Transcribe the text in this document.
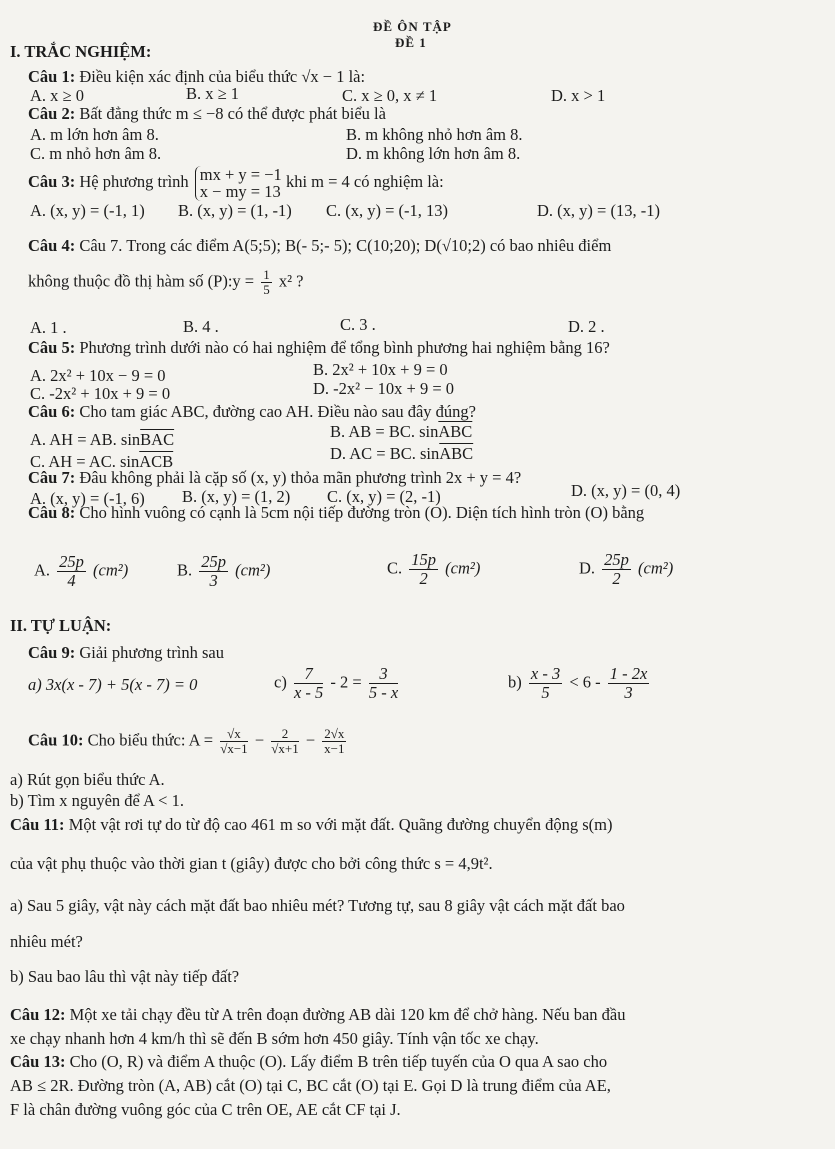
ĐỀ ÔN TẬP
ĐỀ 1
I. TRẮC NGHIỆM:
Câu 1: Điều kiện xác định của biểu thức √x − 1 là:
A. x ≥ 0	B. x ≥ 1	C. x ≥ 0, x ≠ 1	D. x > 1
Câu 2: Bất đẳng thức m ≤ −8 có thể được phát biểu là
A. m lớn hơn âm 8.	B. m không nhỏ hơn âm 8.
C. m nhỏ hơn âm 8.	D. m không lớn hơn âm 8.
Câu 3: Hệ phương trình mx + y = −1
x − my = 13
khi m = 4 có nghiệm là:
A. (x, y) = (-1, 1) B. (x, y) = (1, -1) C. (x, y) = (-1, 13)	D. (x, y) = (13, -1)
Câu 4: Câu 7. Trong các điểm A(5;5); B(- 5;- 5); C(10;20); D(√10;2) có bao nhiêu điểm
không thuộc đồ thị hàm số (P):y = $\frac{1}{5} x^2$ ?
A. 1 .	B. 4 .	C. 3 .	D. 2 .
Câu 5: Phương trình dưới nào có hai nghiệm để tổng bình phương hai nghiệm bằng 16?
A. 2x² + 10x − 9 = 0	B. 2x² + 10x + 9 = 0
C. -2x² + 10x + 9 = 0	D. -2x² − 10x + 9 = 0
Câu 6: Cho tam giác ABC, đường cao AH. Điều nào sau đây đúng?
A. AH = AB. $\sin\overline{BAC}$	B. AB = BC. $\sin\overline{ABC}$
C. AH = AC. $\sin\overline{ACB}$	D. AC = BC. $\sin\overline{ABC}$
Câu 7: Đâu không phải là cặp số (x, y) thỏa mãn phương trình 2x + y = 4?
A. (x, y) = (-1, 6) B. (x, y) = (1, 2) C. (x, y) = (2, -1)	D. (x, y) = (0, 4)
Câu 8: Cho hình vuông có cạnh là 5cm nội tiếp đường tròn (O). Diện tích hình tròn (O) bằng
A. $\frac{25p}{4} (cm^2)$	B. $\frac{25p}{3} (cm^2)$	C. $\frac{15p}{2} (cm^2)$	D. $\frac{25p}{2} (cm^2)$
II. TỰ LUẬN:
Câu 9: Giải phương trình sau
a) 3x(x - 7) + 5(x - 7) = 0	$c) \frac{7}{x - 5} - 2 = \frac{3}{5 - x}$	$b) \frac{x - 3}{5} < 6 - \frac{1 - 2x}{3}$
Câu 10: Cho biểu thức: $A = \frac{√x}{√x-1} - \frac{2}{√x+1} - \frac{2√x}{x-1}$
a) Rút gọn biểu thức A.
b) Tìm x nguyên để A < 1.
Câu 11: Một vật rơi tự do từ độ cao 461 m so với mặt đất. Quãng đường chuyển động s(m)
của vật phụ thuộc vào thời gian t (giây) được cho bởi công thức s = 4,9t².
a) Sau 5 giây, vật này cách mặt đất bao nhiêu mét? Tương tự, sau 8 giây vật cách mặt đất bao
nhiêu mét?
b) Sau bao lâu thì vật này tiếp đất?
Câu 12: Một xe tải chạy đều từ A trên đoạn đường AB dài 120 km để chở hàng. Nếu ban đầu
xe chạy nhanh hơn 4 km/h thì sẽ đến B sớm hơn 450 giây. Tính vận tốc xe chạy.
Câu 13: Cho (O, R) và điểm A thuộc (O). Lấy điểm B trên tiếp tuyến của O qua A sao cho
AB ≤ 2R. Đường tròn (A, AB) cắt (O) tại C, BC cắt (O) tại E. Gọi D là trung điểm của AE,
F là chân đường vuông góc của C trên OE, AE cắt CF tại J.
